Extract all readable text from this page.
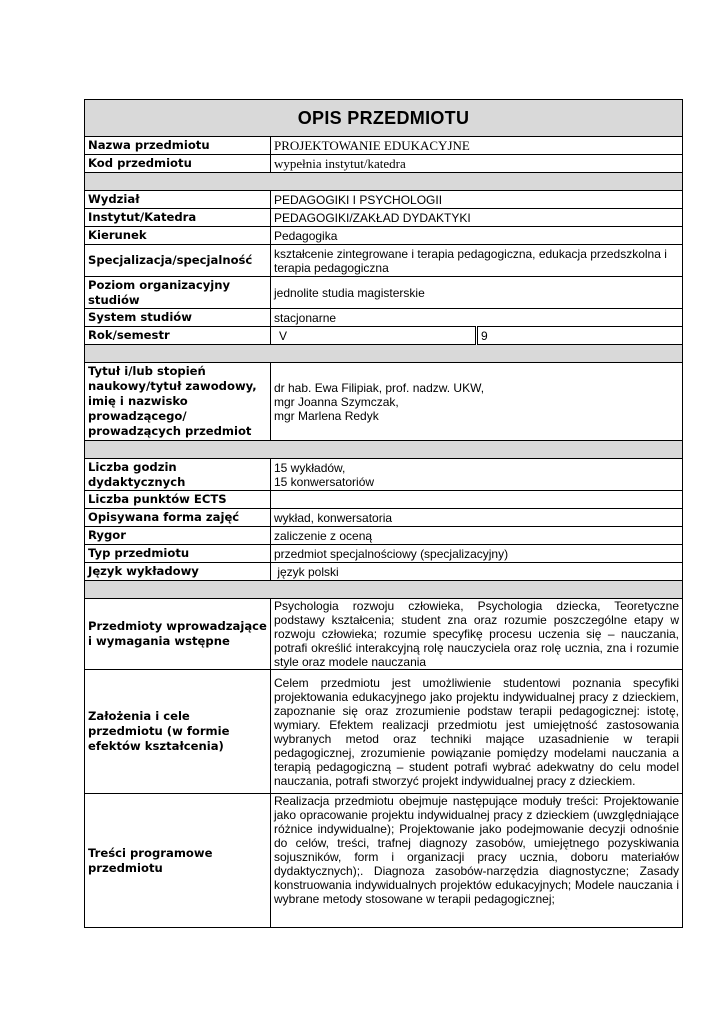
OPIS PRZEDMIOTU		
Nazwa przedmiotu	PROJEKTOWANIE EDUKACYJNE	
Kod przedmiotu	wypełnia instytut/katedra	

Wydział	PEDAGOGIKI I PSYCHOLOGII	
Instytut/Katedra	PEDAGOGIKI/ZAKŁAD DYDAKTYKI	
Kierunek	Pedagogika	
Specjalizacja/specjalność	kształcenie zintegrowane i terapia pedagogiczna, edukacja przedszkolna i terapia pedagogiczna	
Poziom organizacyjny studiów	jednolite studia magisterskie	
System studiów	stacjonarne	
Rok/semestr	V	9

Tytuł i/lub stopień naukowy/tytuł zawodowy, imię i nazwisko prowadzącego/ prowadzących przedmiot	dr hab. Ewa Filipiak, prof. nadzw. UKW,
mgr Joanna Szymczak,
mgr Marlena Redyk	

Liczba godzin dydaktycznych	15 wykładów,
15 konwersatoriów	

Liczba punktów ECTS		
Opisywana forma zajęć	wykład, konwersatoria	
Rygor	zaliczenie z oceną	
Typ przedmiotu	przedmiot specjalnościowy (specjalizacyjny)	
Język wykładowy	język polski	

Przedmioty wprowadzające i wymagania wstępne	Psychologia rozwoju człowieka, Psychologia dziecka, Teoretyczne podstawy kształcenia; student zna oraz rozumie poszczególne etapy w rozwoju człowieka; rozumie specyfikę procesu uczenia się – nauczania, potrafi określić interakcyjną rolę nauczyciela oraz rolę ucznia, zna i rozumie style oraz modele nauczania	
Założenia i cele przedmiotu (w formie efektów kształcenia)	Celem przedmiotu jest umożliwienie studentowi poznania specyfiki projektowania edukacyjnego jako projektu indywidualnej pracy z dzieckiem, zapoznanie się oraz zrozumienie podstaw terapii pedagogicznej: istotę, wymiary. Efektem realizacji przedmiotu jest umiejętność zastosowania wybranych metod oraz techniki mające uzasadnienie w terapii pedagogicznej, zrozumienie powiązanie pomiędzy modelami nauczania a terapią pedagogiczną – student potrafi wybrać adekwatny do celu model nauczania, potrafi stworzyć projekt indywidualnej pracy z dzieckiem.	
Treści programowe przedmiotu	Realizacja przedmiotu obejmuje następujące moduły treści: Projektowanie jako opracowanie projektu indywidualnej pracy z dzieckiem (uwzględniające różnice indywidualne); Projektowanie jako podejmowanie decyzji odnośnie do celów, treści, trafnej diagnozy zasobów, umiejętnego pozyskiwania sojuszników, form i organizacji pracy ucznia, doboru materiałów dydaktycznych);. Diagnoza zasobów-narzędzia diagnostyczne; Zasady konstruowania indywidualnych projektów edukacyjnych; Modele nauczania i wybrane metody stosowane w terapii pedagogicznej;	
